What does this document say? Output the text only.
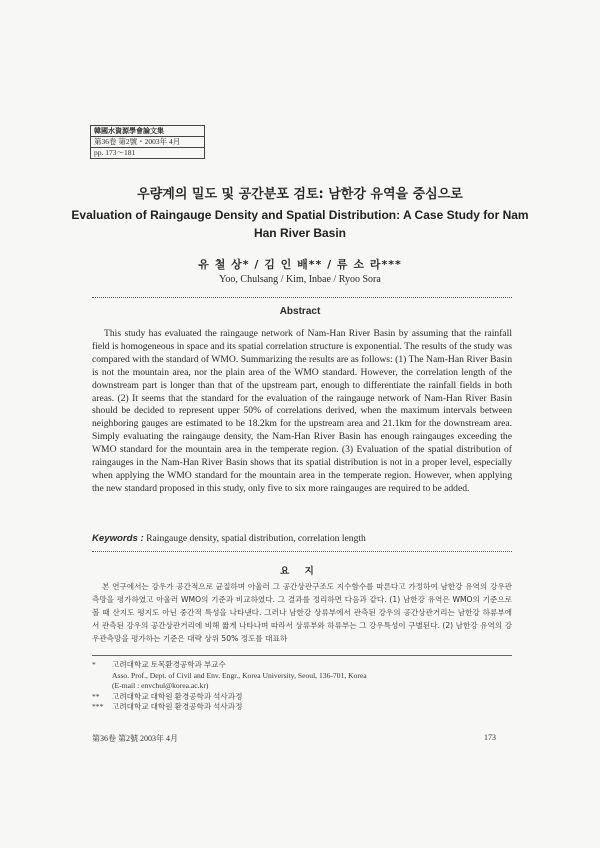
韓國水資源學會論文集
第36卷 第2號・2003年 4月
pp. 173～181
우량계의 밀도 및 공간분포 검토: 남한강 유역을 중심으로
Evaluation of Raingauge Density and Spatial Distribution: A Case Study for Nam Han River Basin
유 철 상* / 김 인 배** / 류 소 라***
Yoo, Chulsang / Kim, Inbae / Ryoo Sora
Abstract
This study has evaluated the raingauge network of Nam-Han River Basin by assuming that the rainfall field is homogeneous in space and its spatial correlation structure is exponential. The results of the study was compared with the standard of WMO. Summarizing the results are as follows: (1) The Nam-Han River Basin is not the mountain area, nor the plain area of the WMO standard. However, the correlation length of the downstream part is longer than that of the upstream part, enough to differentiate the rainfall fields in both areas. (2) It seems that the standard for the evaluation of the raingauge network of Nam-Han River Basin should be decided to represent upper 50% of correlations derived, when the maximum intervals between neighboring gauges are estimated to be 18.2km for the upstream area and 21.1km for the downstream area. Simply evaluating the raingauge density, the Nam-Han River Basin has enough raingauges exceeding the WMO standard for the mountain area in the temperate region. (3) Evaluation of the spatial distribution of raingauges in the Nam-Han River Basin shows that its spatial distribution is not in a proper level, especially when applying the WMO standard for the mountain area in the temperate region. However, when applying the new standard proposed in this study, only five to six more raingauges are required to be added.
Keywords : Raingauge density, spatial distribution, correlation length
요 지
본 연구에서는 강우가 공간적으로 균질하며 아울러 그 공간상관구조도 지수함수를 따른다고 가정하여 남한강 유역의 강우관측망을 평가하였고 아울러 WMO의 기준과 비교하였다. 그 결과를 정리하면 다음과 같다. (1) 남한강 유역은 WMO의 기준으로 볼 때 산지도 평지도 아닌 중간적 특성을 나타낸다. 그러나 남한강 상류부에서 관측된 강우의 공간상관거리는 남한강 하류부에서 관측된 강우의 공간상관거리에 비해 짧게 나타나며 따라서 상류부와 하류부는 그 강우특성이 구별된다. (2) 남한강 유역의 강우관측망을 평가하는 기준은 대략 상위 50% 정도를 대표하
*	고려대학교 토목환경공학과 부교수
Asso. Prof., Dept. of Civil and Env. Engr., Korea University, Seoul, 136-701, Korea
(E-mail : envchul@korea.ac.kr)
**	고려대학교 대학원 환경공학과 석사과정
***	고려대학교 대학원 환경공학과 석사과정
第36卷 第2號 2003年 4月	173
